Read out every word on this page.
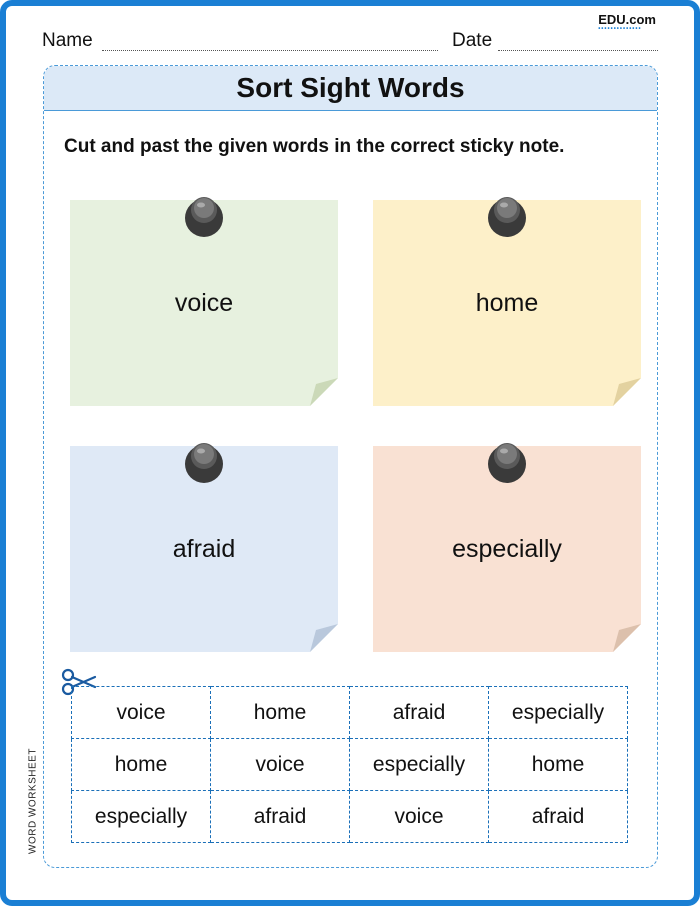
EDU.com
••••••••••••••
Name	Date
Sort Sight Words
Cut and past the given words in the correct sticky note.
voice	home
afraid	especially
voice	home	afraid	especially
home	voice	especially	home
especially	afraid	voice	afraid
WORD WORKSHEET
